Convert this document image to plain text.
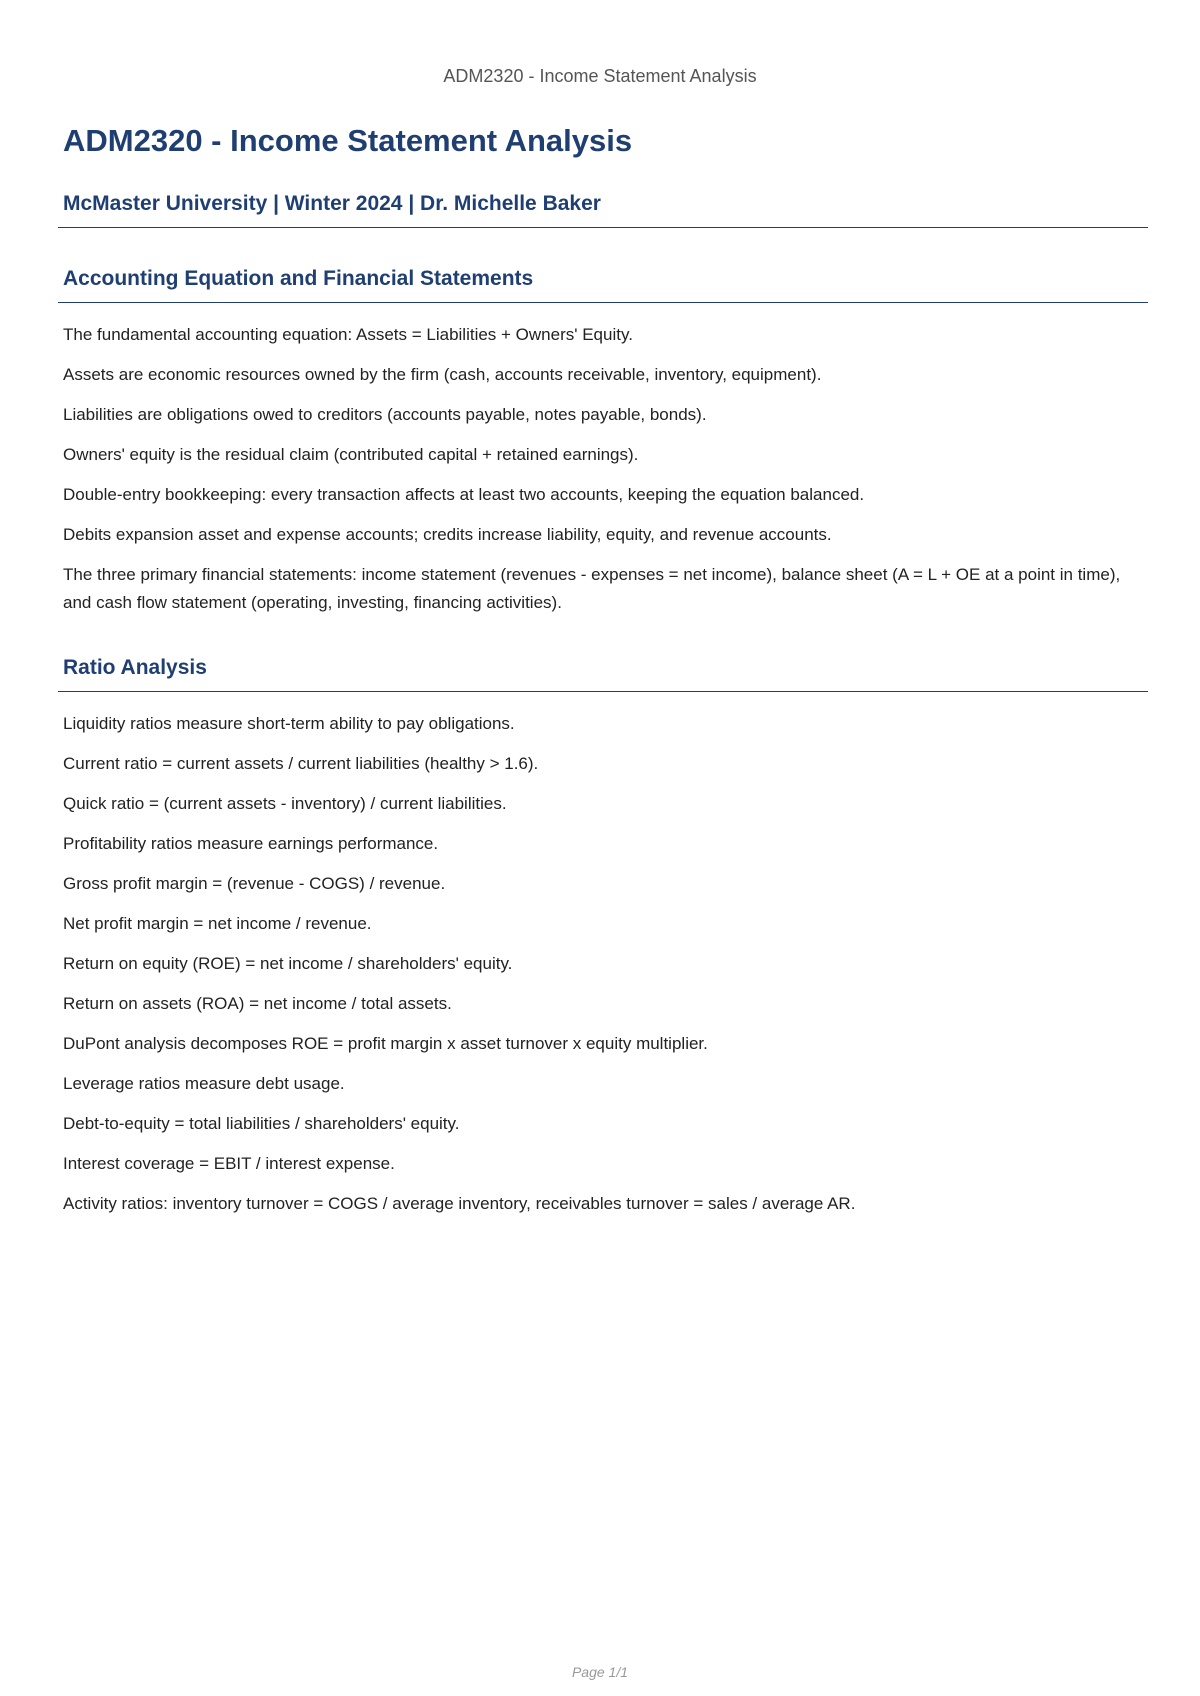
ADM2320 - Income Statement Analysis
ADM2320 - Income Statement Analysis
McMaster University | Winter 2024 | Dr. Michelle Baker
Accounting Equation and Financial Statements

The fundamental accounting equation: Assets = Liabilities + Owners' Equity.

Assets are economic resources owned by the firm (cash, accounts receivable, inventory, equipment).

Liabilities are obligations owed to creditors (accounts payable, notes payable, bonds).

Owners' equity is the residual claim (contributed capital + retained earnings).

Double-entry bookkeeping: every transaction affects at least two accounts, keeping the equation balanced.

Debits expansion asset and expense accounts; credits increase liability, equity, and revenue accounts.

The three primary financial statements: income statement (revenues - expenses = net income), balance sheet (A = L + OE at a point in time), and cash flow statement (operating, investing, financing activities).

Ratio Analysis

Liquidity ratios measure short-term ability to pay obligations.

Current ratio = current assets / current liabilities (healthy > 1.6).

Quick ratio = (current assets - inventory) / current liabilities.

Profitability ratios measure earnings performance.

Gross profit margin = (revenue - COGS) / revenue.

Net profit margin = net income / revenue.

Return on equity (ROE) = net income / shareholders' equity.

Return on assets (ROA) = net income / total assets.

DuPont analysis decomposes ROE = profit margin x asset turnover x equity multiplier.

Leverage ratios measure debt usage.

Debt-to-equity = total liabilities / shareholders' equity.

Interest coverage = EBIT / interest expense.

Activity ratios: inventory turnover = COGS / average inventory, receivables turnover = sales / average AR.

Page 1/1
